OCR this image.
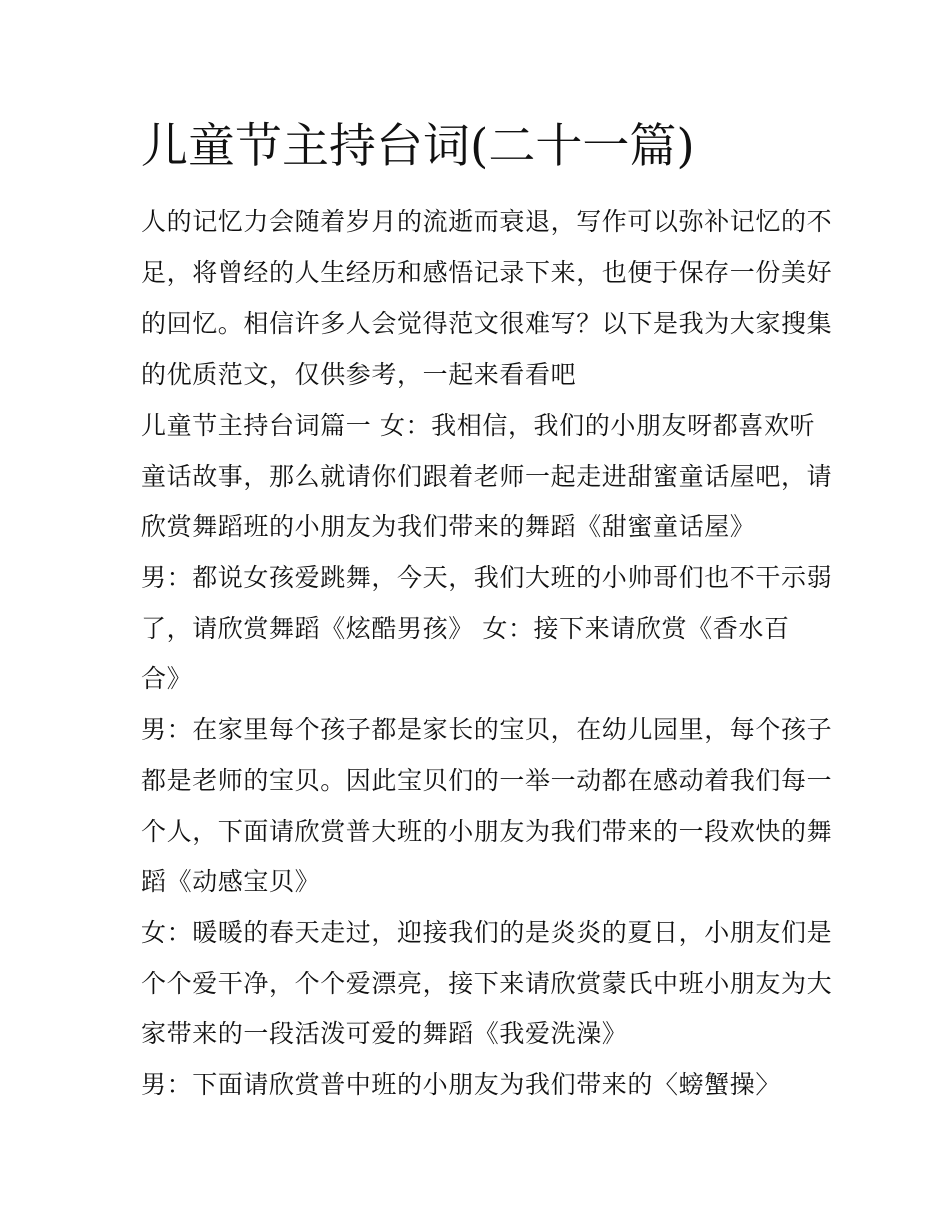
儿童节主持台词(二十一篇)

人的记忆力会随着岁月的流逝而衰退，写作可以弥补记忆的不

足，将曾经的人生经历和感悟记录下来，也便于保存一份美好

的回忆。相信许多人会觉得范文很难写？以下是我为大家搜集

的优质范文，仅供参考，一起来看看吧

儿童节主持台词篇一 女：我相信，我们的小朋友呀都喜欢听

童话故事，那么就请你们跟着老师一起走进甜蜜童话屋吧，请

欣赏舞蹈班的小朋友为我们带来的舞蹈《甜蜜童话屋》

男：都说女孩爱跳舞，今天，我们大班的小帅哥们也不干示弱

了，请欣赏舞蹈《炫酷男孩》 女：接下来请欣赏《香水百

合》

男：在家里每个孩子都是家长的宝贝，在幼儿园里，每个孩子

都是老师的宝贝。因此宝贝们的一举一动都在感动着我们每一

个人，下面请欣赏普大班的小朋友为我们带来的一段欢快的舞

蹈《动感宝贝》

女：暖暖的春天走过，迎接我们的是炎炎的夏日，小朋友们是

个个爱干净，个个爱漂亮，接下来请欣赏蒙氏中班小朋友为大

家带来的一段活泼可爱的舞蹈《我爱洗澡》

男：下面请欣赏普中班的小朋友为我们带来的〈螃蟹操〉
